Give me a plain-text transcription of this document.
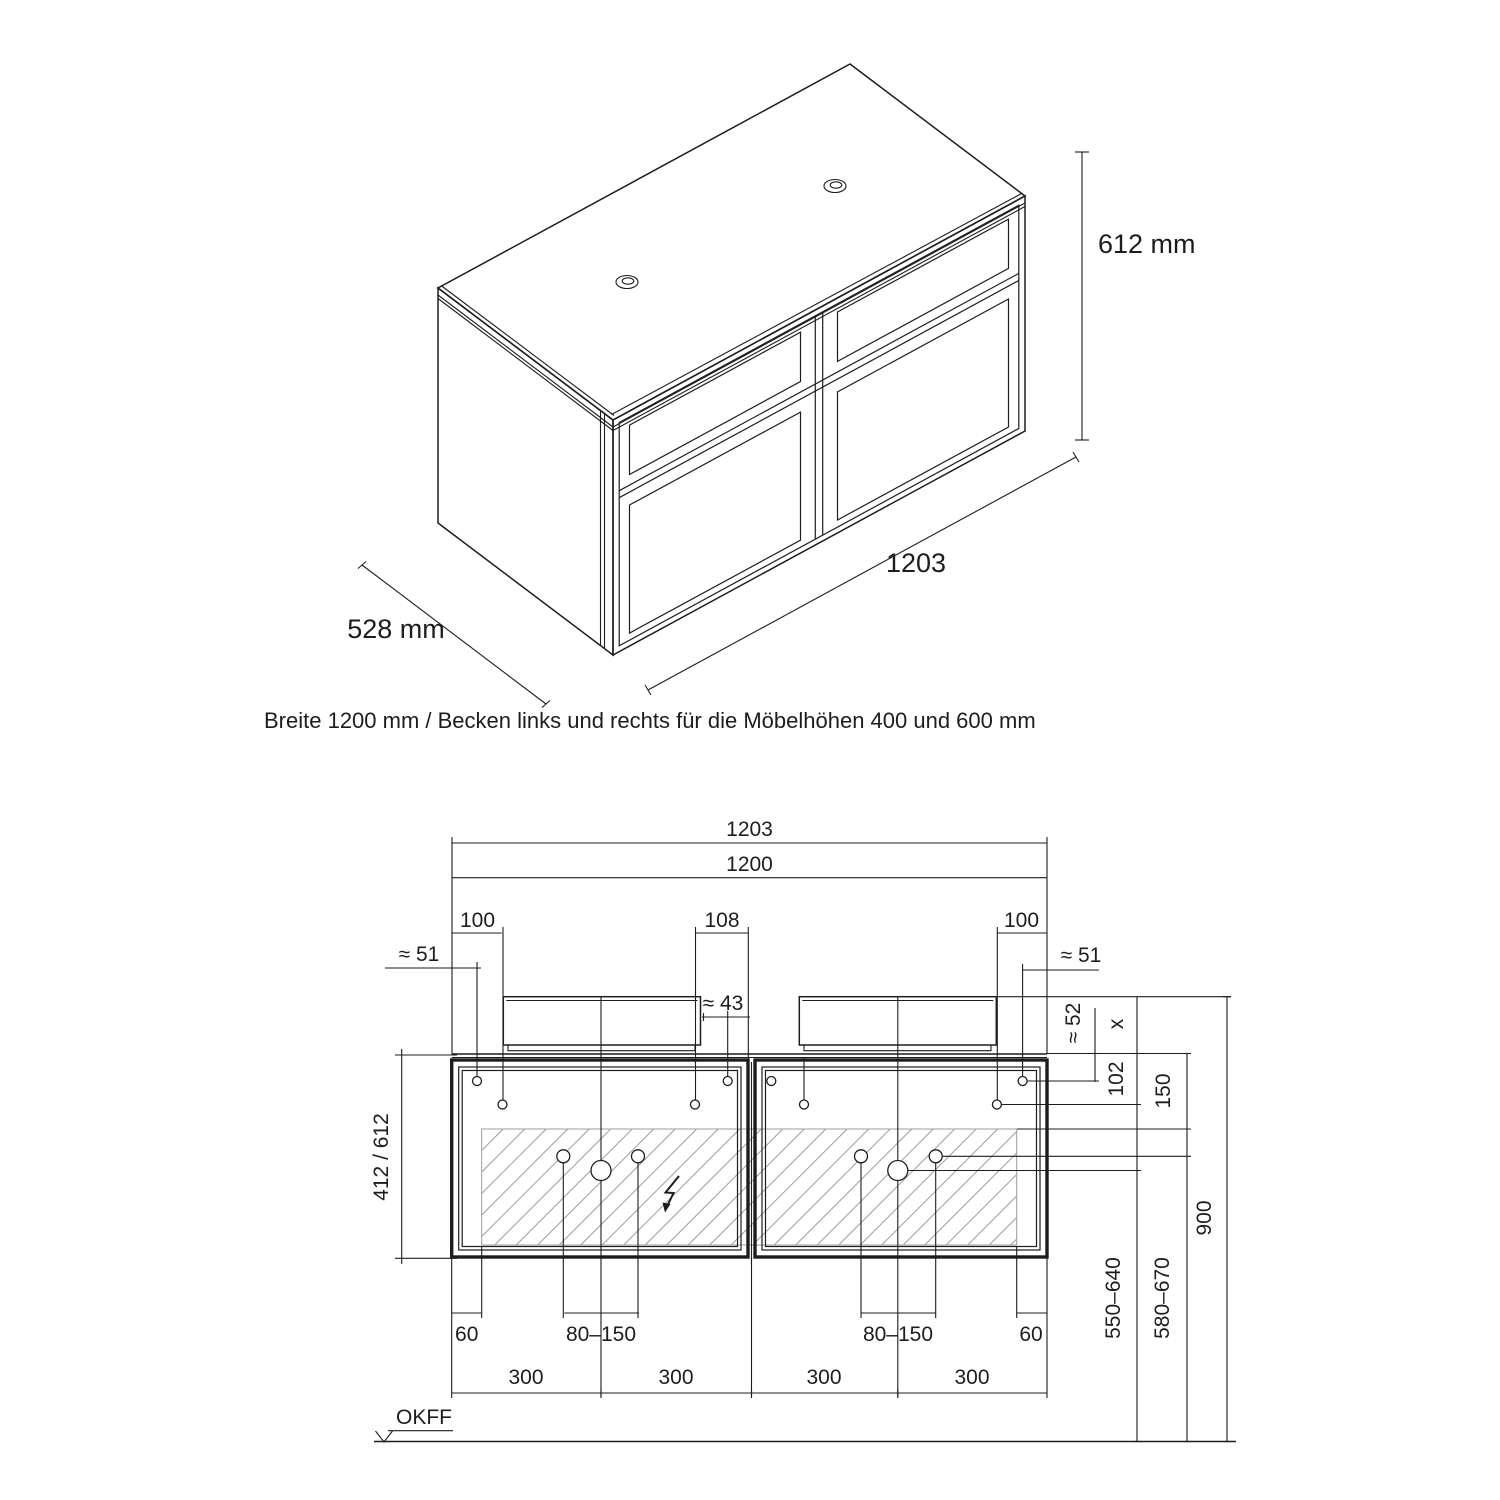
612 mm
528 mm
1203
Breite 1200 mm / Becken links und rechts für die Möbelhöhen 400 und 600 mm
1203
1200
100	108	100
≈ 51	≈ 51
≈ 43
412 / 612
≈ 52 x
102 150
900
550–640 580–670
60	80–150	80–150	60
300	300	300	300
OKFF
